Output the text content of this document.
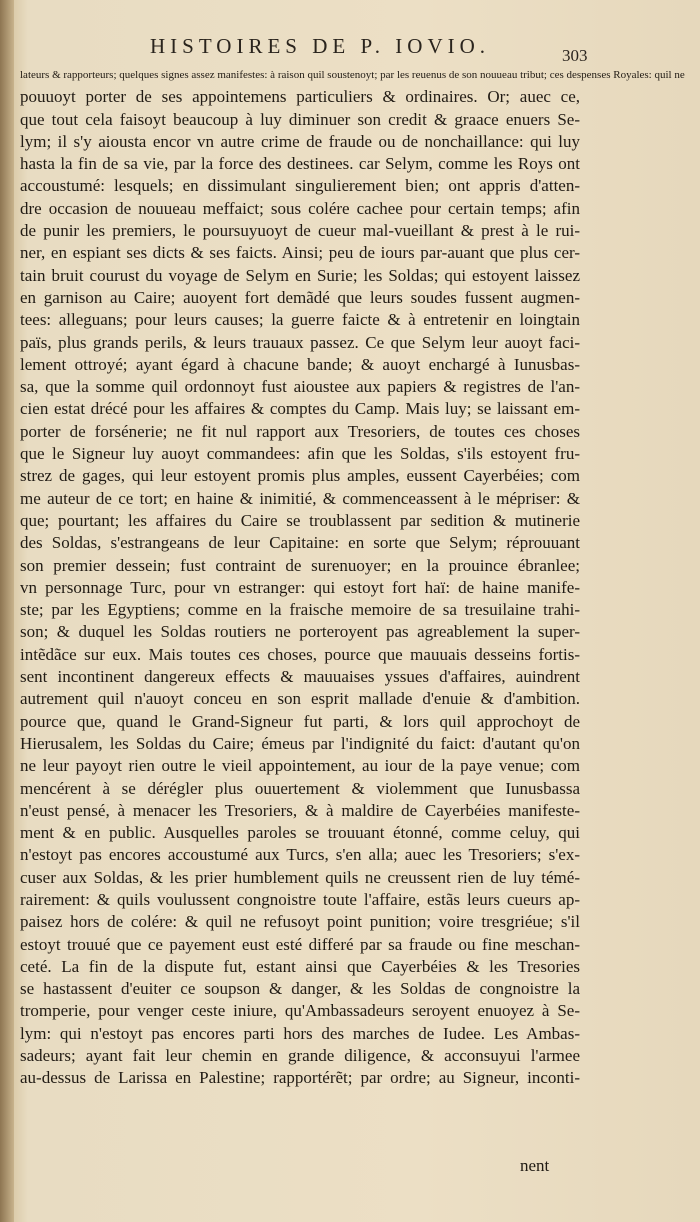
HISTOIRES DE P. IOVIO.	303
lateurs & rapporteurs; quelques signes assez manifestes: à raison quil soustenoyt; par les reuenus de son nouueau tribut; ces despenses Royales: quil ne
pouuoyt porter de ses appointemens particuliers & ordinaires. Or; auec ce,
que tout cela faisoyt beaucoup à luy diminuer son credit & graace enuers Se-
lym; il s'y aiousta encor vn autre crime de fraude ou de nonchaillance: qui luy
hasta la fin de sa vie, par la force des destinees. car Selym, comme les Roys ont
accoustumé: lesquels; en dissimulant singulierement bien; ont appris d'atten-
dre occasion de nouueau meffaict; sous colére cachee pour certain temps; afin
de punir les premiers, le poursuyuoyt de cueur mal-vueillant & prest à le rui-
ner, en espiant ses dicts & ses faicts. Ainsi; peu de iours par-auant que plus cer-
tain bruit courust du voyage de Selym en Surie; les Soldas; qui estoyent laissez
en garnison au Caire; auoyent fort demãdé que leurs soudes fussent augmen-
tees: alleguans; pour leurs causes; la guerre faicte & à entretenir en loingtain
païs, plus grands perils, & leurs trauaux passez. Ce que Selym leur auoyt faci-
lement ottroyé; ayant égard à chacune bande; & auoyt enchargé à Iunusbas-
sa, que la somme quil ordonnoyt fust aioustee aux papiers & registres de l'an-
cien estat drécé pour les affaires & comptes du Camp. Mais luy; se laissant em-
porter de forsénerie; ne fit nul rapport aux Tresoriers, de toutes ces choses
que le Signeur luy auoyt commandees: afin que les Soldas, s'ils estoyent fru-
strez de gages, qui leur estoyent promis plus amples, eussent Cayerbéies; com
me auteur de ce tort; en haine & inimitié, & commenceassent à le mépriser: &
que; pourtant; les affaires du Caire se troublassent par sedition & mutinerie
des Soldas, s'estrangeans de leur Capitaine: en sorte que Selym; réprouuant
son premier dessein; fust contraint de surenuoyer; en la prouince ébranlee;
vn personnage Turc, pour vn estranger: qui estoyt fort haï: de haine manife-
ste; par les Egyptiens; comme en la fraische memoire de sa tresuilaine trahi-
son; & duquel les Soldas routiers ne porteroyent pas agreablement la super-
intẽdãce sur eux. Mais toutes ces choses, pource que mauuais desseins fortis-
sent incontinent dangereux effects & mauuaises yssues d'affaires, auindrent
autrement quil n'auoyt conceu en son esprit mallade d'enuie & d'ambition.
pource que, quand le Grand-Signeur fut parti, & lors quil approchoyt de
Hierusalem, les Soldas du Caire; émeus par l'indignité du faict: d'autant qu'on
ne leur payoyt rien outre le vieil appointement, au iour de la paye venue; com
mencérent à se dérégler plus ouuertement & violemment que Iunusbassa
n'eust pensé, à menacer les Tresoriers, & à maldire de Cayerbéies manifeste-
ment & en public. Ausquelles paroles se trouuant étonné, comme celuy, qui
n'estoyt pas encores accoustumé aux Turcs, s'en alla; auec les Tresoriers; s'ex-
cuser aux Soldas, & les prier humblement quils ne creussent rien de luy témé-
rairement: & quils voulussent congnoistre toute l'affaire, estãs leurs cueurs ap-
paisez hors de colére: & quil ne refusoyt point punition; voire tresgriéue; s'il
estoyt trouué que ce payement eust esté differé par sa fraude ou fine meschan-
ceté. La fin de la dispute fut, estant ainsi que Cayerbéies & les Tresories
se hastassent d'euiter ce soupson & danger, & les Soldas de congnoistre la
tromperie, pour venger ceste iniure, qu'Ambassadeurs seroyent enuoyez à Se-
lym: qui n'estoyt pas encores parti hors des marches de Iudee. Les Ambas-
sadeurs; ayant fait leur chemin en grande diligence, & acconsuyui l'armee
au-dessus de Larissa en Palestine; rapportérẽt; par ordre; au Signeur, inconti-
nent
